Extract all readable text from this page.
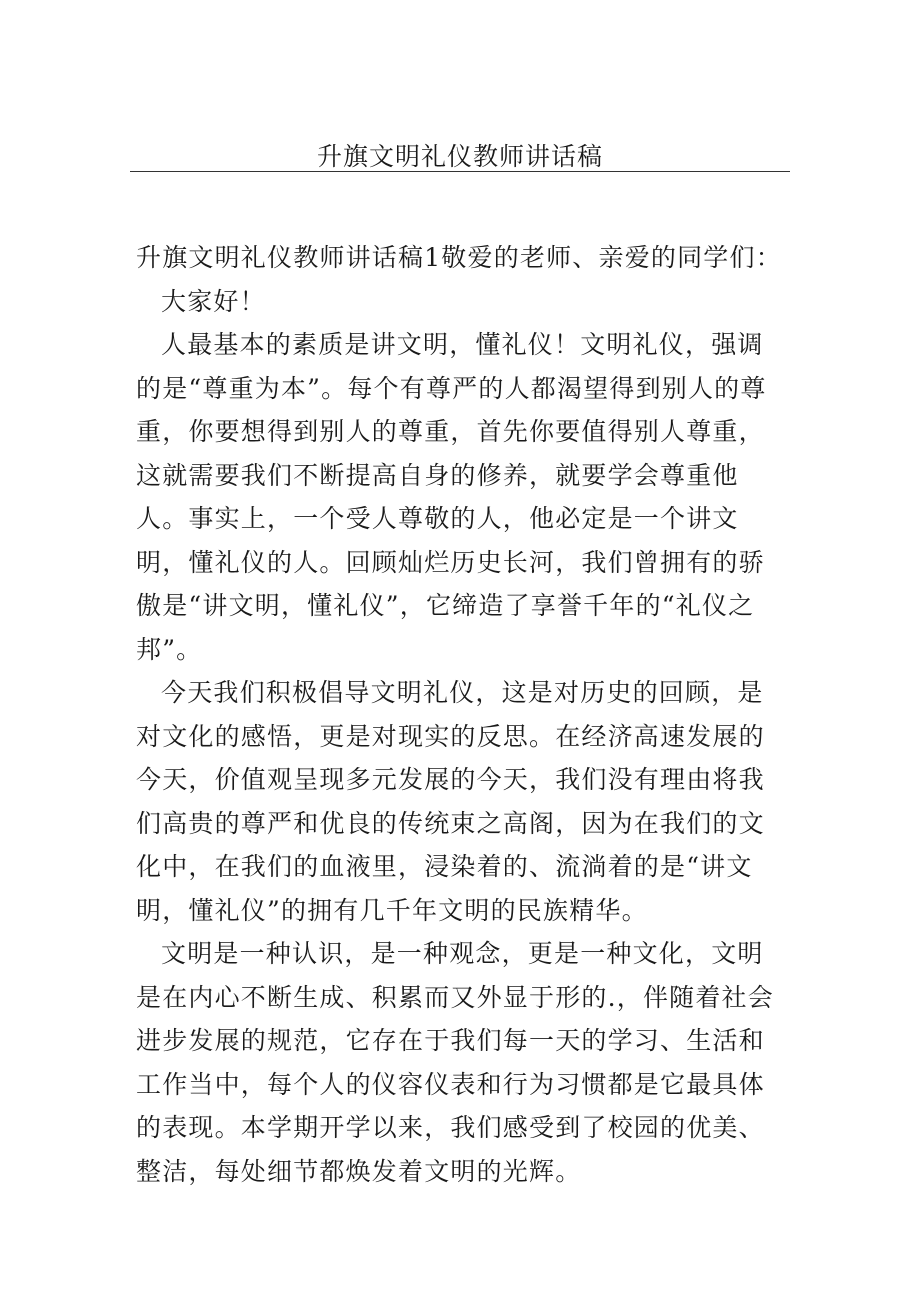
升旗文明礼仪教师讲话稿

升旗文明礼仪教师讲话稿1敬爱的老师、亲爱的同学们：

大家好！

人最基本的素质是讲文明，懂礼仪！文明礼仪，强调的是“尊重为本”。每个有尊严的人都渴望得到别人的尊重，你要想得到别人的尊重，首先你要值得别人尊重，这就需要我们不断提高自身的修养，就要学会尊重他人。事实上，一个受人尊敬的人，他必定是一个讲文明，懂礼仪的人。回顾灿烂历史长河，我们曾拥有的骄傲是“讲文明，懂礼仪”，它缔造了享誉千年的“礼仪之邦”。

今天我们积极倡导文明礼仪，这是对历史的回顾，是对文化的感悟，更是对现实的反思。在经济高速发展的今天，价值观呈现多元发展的今天，我们没有理由将我们高贵的尊严和优良的传统束之高阁，因为在我们的文化中，在我们的血液里，浸染着的、流淌着的是“讲文明，懂礼仪”的拥有几千年文明的民族精华。

文明是一种认识，是一种观念，更是一种文化，文明是在内心不断生成、积累而又外显于形的.，伴随着社会进步发展的规范，它存在于我们每一天的学习、生活和工作当中，每个人的仪容仪表和行为习惯都是它最具体的表现。本学期开学以来，我们感受到了校园的优美、整洁，每处细节都焕发着文明的光辉。
